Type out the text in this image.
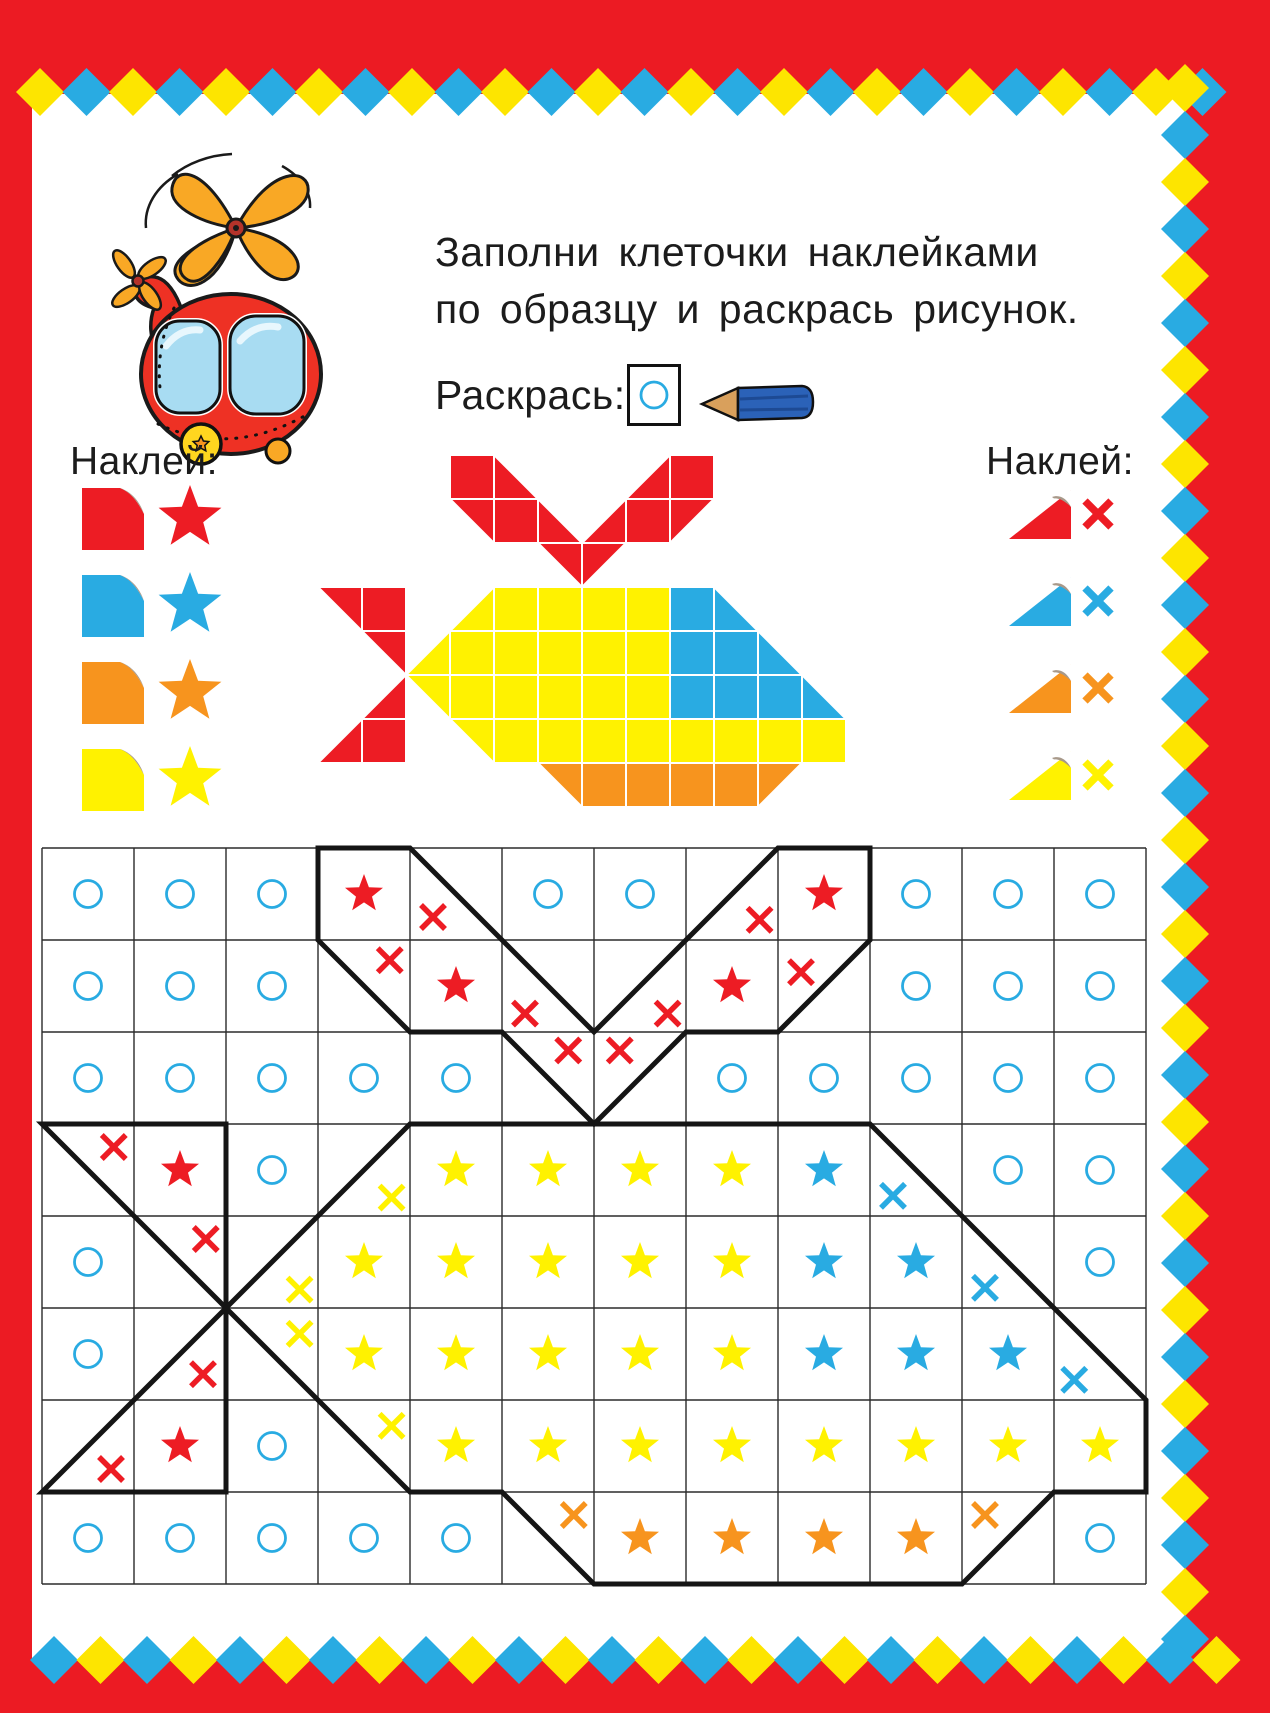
Заполни клеточки наклейками
по образцу и раскрась рисунок.
Раскрась:
Наклей:	Наклей:
